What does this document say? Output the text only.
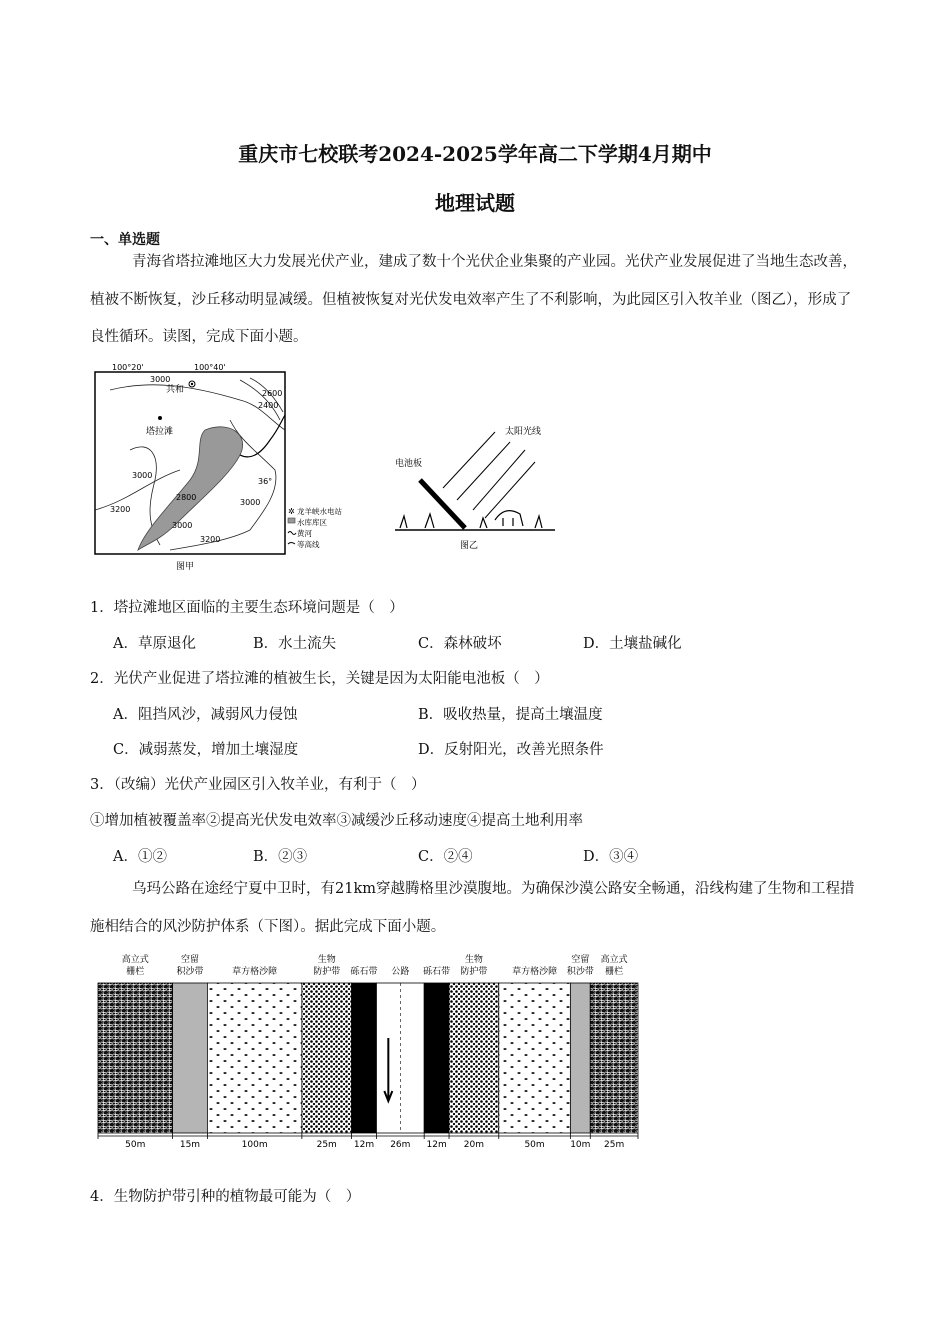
重庆市七校联考2024-2025学年高二下学期4月期中
地理试题
一、单选题
青海省塔拉滩地区大力发展光伏产业，建成了数十个光伏企业集聚的产业园。光伏产业发展促进了当地生态改善，植被不断恢复，沙丘移动明显减缓。但植被恢复对光伏发电效率产生了不利影响，为此园区引入牧羊业（图乙），形成了良性循环。读图，完成下面小题。
100°20'	100°40'
36°
共和
塔拉滩
3000
3000
2800
3000
3200
3000
3200
2600
2400
图甲
✲ 龙羊峡水电站
水库库区
黄河
等高线
太阳光线
电池板
图乙
1．塔拉滩地区面临的主要生态环境问题是（　）
A．草原退化	B．水土流失	C．森林破坏	D．土壤盐碱化
2．光伏产业促进了塔拉滩的植被生长，关键是因为太阳能电池板（　）
A．阻挡风沙，减弱风力侵蚀	B．吸收热量，提高土壤温度
C．减弱蒸发，增加土壤湿度	D．反射阳光，改善光照条件
3．（改编）光伏产业园区引入牧羊业，有利于（　）
①增加植被覆盖率②提高光伏发电效率③减缓沙丘移动速度④提高土地利用率
A．①②	B．②③	C．②④	D．③④
乌玛公路在途经宁夏中卫时，有21km穿越腾格里沙漠腹地。为确保沙漠公路安全畅通，沿线构建了生物和工程措施相结合的风沙防护体系（下图）。据此完成下面小题。
高立式
栅栏
空留
积沙带	草方格沙障
生物
防护带 砾石带 公路 砾石带
生物
防护带	草方格沙障
空留
积沙带
高立式
栅栏
50m	15m	100m	25m 12m 26m 12m 20m	50m	10m 25m
4．生物防护带引种的植物最可能为（　）
